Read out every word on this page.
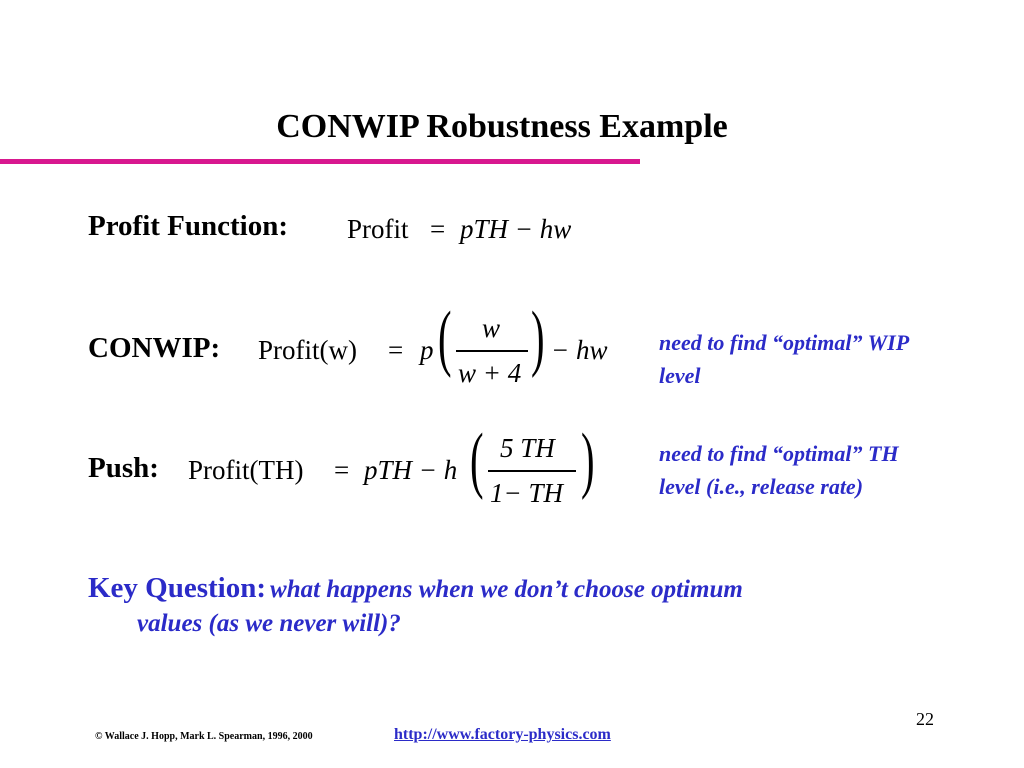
CONWIP Robustness Example
Profit Function: Profit = pTH − hw
CONWIP: Profit(w) = p ( w
w + 4 ) − hw need to find “optimal” WIP level
Push: Profit(TH) = pTH − h ( 5 TH
1− TH )	need to find “optimal” TH level (i.e., release rate)
Key Question: what happens when we don’t choose optimum
values (as we never will)?
© Wallace J. Hopp, Mark L. Spearman, 1996, 2000	http://www.factory-physics.com
22
